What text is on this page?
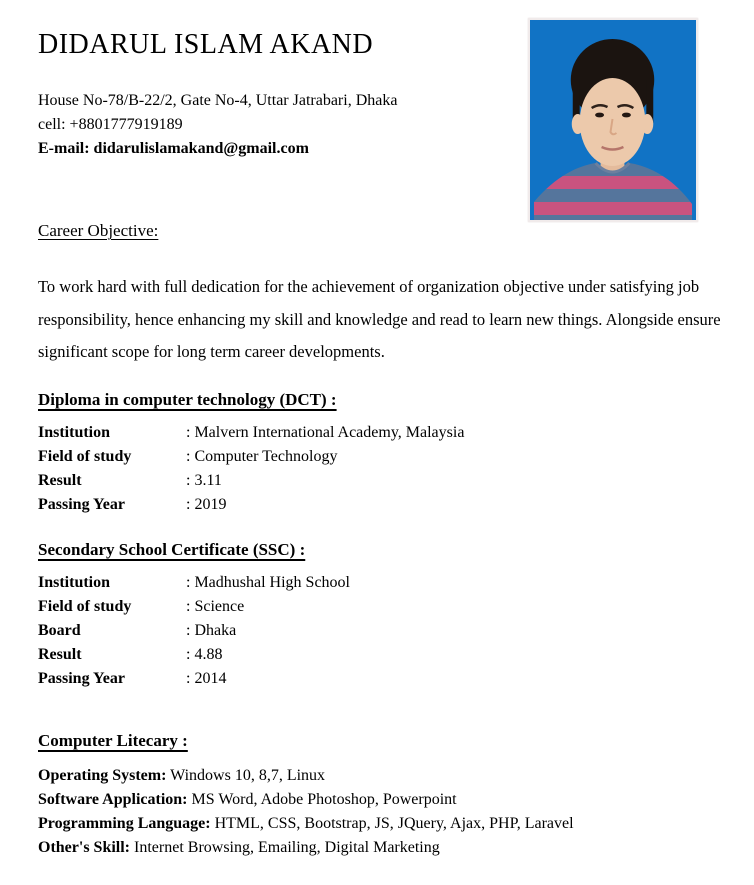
DIDARUL ISLAM AKAND
House No-78/B-22/2, Gate No-4, Uttar Jatrabari, Dhaka
cell: +8801777919189
E-mail: didarulislamakand@gmail.com
Career Objective:

To work hard with full dedication for the achievement of organization objective under satisfying job responsibility, hence enhancing my skill and knowledge and read to learn new things. Alongside ensure significant scope for long term career developments.

Diploma in computer technology (DCT) :
Institution	: Malvern International Academy, Malaysia
Field of study	: Computer Technology
Result	: 3.11
Passing Year	: 2019
Secondary School Certificate (SSC) :
Institution	: Madhushal High School
Field of study	: Science
Board	: Dhaka
Result	: 4.88
Passing Year	: 2014
Computer Litecary :
Operating System: Windows 10, 8,7, Linux
Software Application: MS Word, Adobe Photoshop, Powerpoint
Programming Language: HTML, CSS, Bootstrap, JS, JQuery, Ajax, PHP, Laravel
Other's Skill: Internet Browsing, Emailing, Digital Marketing
